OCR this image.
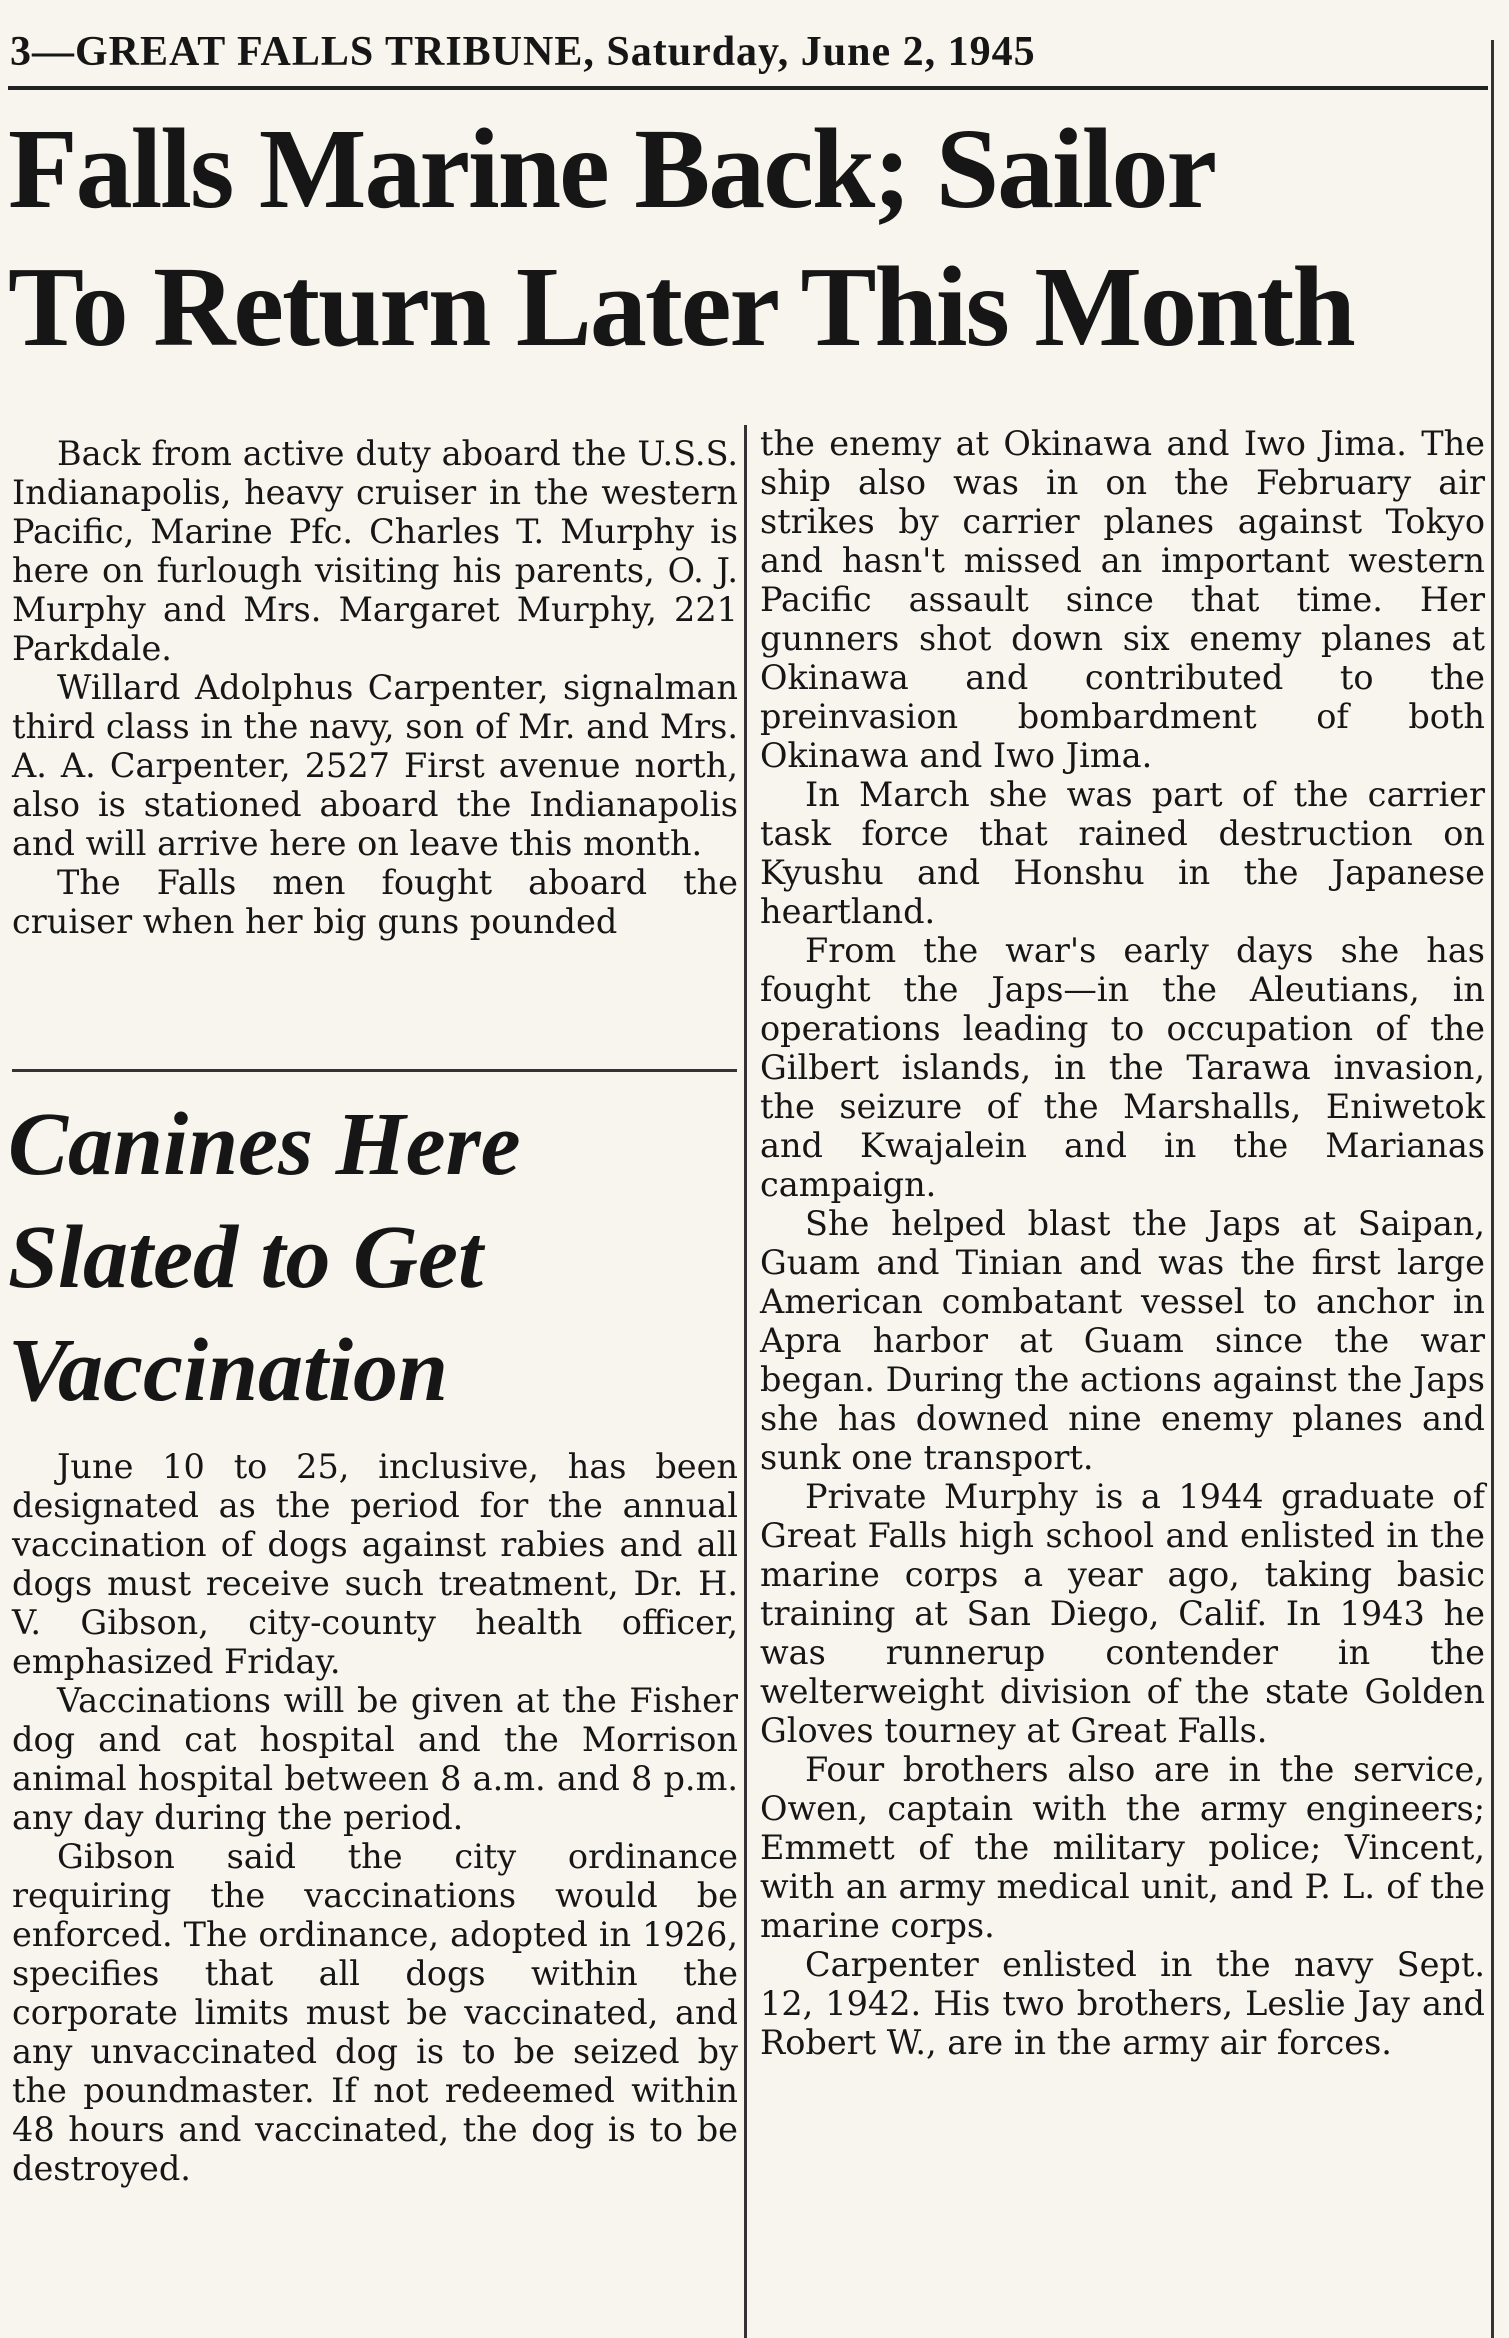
3—GREAT FALLS TRIBUNE, Saturday, June 2, 1945
Falls Marine Back; Sailor
To Return Later This Month

Back from active duty aboard the U.S.S. Indianapolis, heavy cruiser in the western Pacific, Marine Pfc. Charles T. Murphy is here on furlough visiting his parents, O. J. Murphy and Mrs. Margaret Murphy, 221 Parkdale.

Willard Adolphus Carpenter, signalman third class in the navy, son of Mr. and Mrs. A. A. Carpenter, 2527 First avenue north, also is stationed aboard the Indianapolis and will arrive here on leave this month.

The Falls men fought aboard the cruiser when her big guns pounded

the enemy at Okinawa and Iwo Jima. The ship also was in on the February air strikes by carrier planes against Tokyo and hasn't missed an important western Pacific assault since that time. Her gunners shot down six enemy planes at Okinawa and contributed to the preinvasion bombardment of both Okinawa and Iwo Jima.

In March she was part of the carrier task force that rained destruction on Kyushu and Honshu in the Japanese heartland.

From the war's early days she has fought the Japs—in the Aleutians, in operations leading to occupation of the Gilbert islands, in the Tarawa invasion, the seizure of the Marshalls, Eniwetok and Kwajalein and in the Marianas campaign.

She helped blast the Japs at Saipan, Guam and Tinian and was the first large American combatant vessel to anchor in Apra harbor at Guam since the war began. During the actions against the Japs she has downed nine enemy planes and sunk one transport.

Private Murphy is a 1944 graduate of Great Falls high school and enlisted in the marine corps a year ago, taking basic training at San Diego, Calif. In 1943 he was runnerup contender in the welterweight division of the state Golden Gloves tourney at Great Falls.

Four brothers also are in the service, Owen, captain with the army engineers; Emmett of the military police; Vincent, with an army medical unit, and P. L. of the marine corps.

Carpenter enlisted in the navy Sept. 12, 1942. His two brothers, Leslie Jay and Robert W., are in the army air forces.

Canines Here
Slated to Get
Vaccination

June 10 to 25, inclusive, has been designated as the period for the annual vaccination of dogs against rabies and all dogs must receive such treatment, Dr. H. V. Gibson, city-county health officer, emphasized Friday.

Vaccinations will be given at the Fisher dog and cat hospital and the Morrison animal hospital between 8 a.m. and 8 p.m. any day during the period.

Gibson said the city ordinance requiring the vaccinations would be enforced. The ordinance, adopted in 1926, specifies that all dogs within the corporate limits must be vaccinated, and any unvaccinated dog is to be seized by the poundmaster. If not redeemed within 48 hours and vaccinated, the dog is to be destroyed.
